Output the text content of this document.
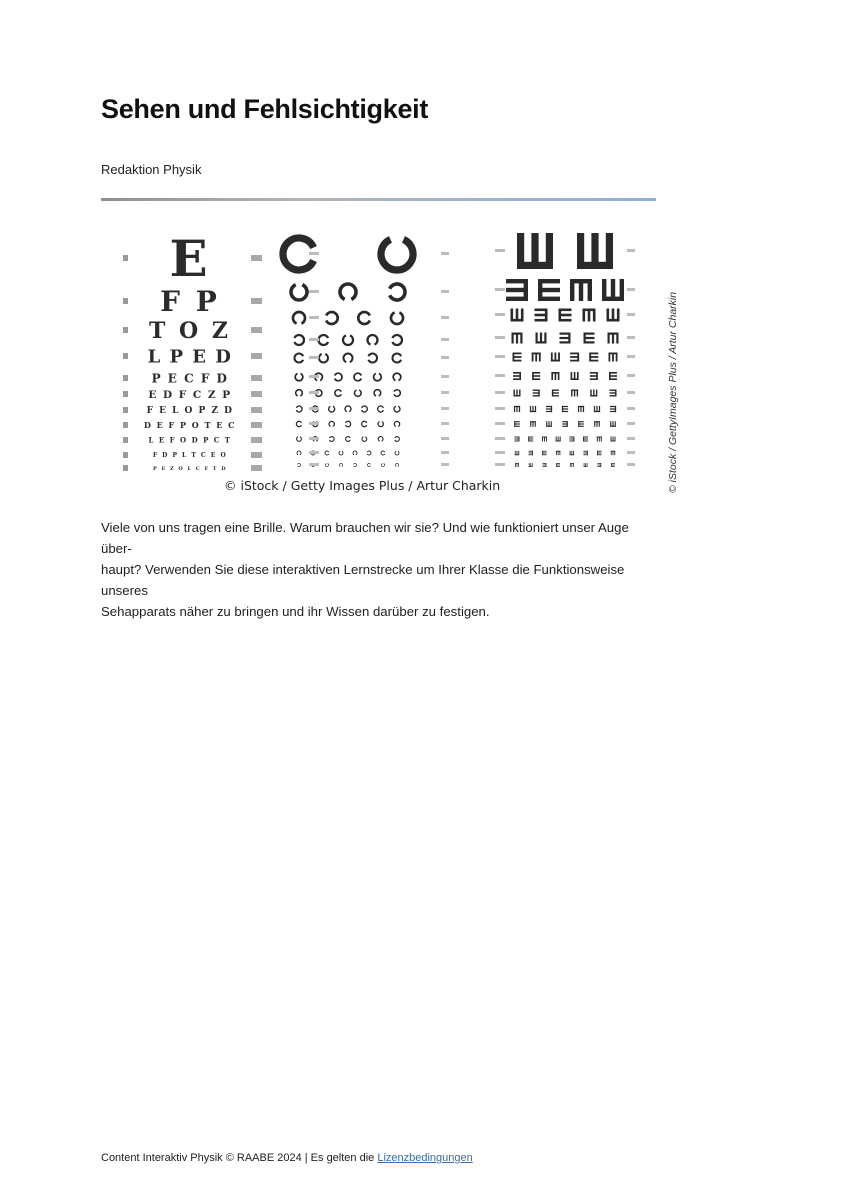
Sehen und Fehlsichtigkeit
Redaktion Physik
E
F P
T O Z
L P E D
P E C F D
E D F C Z P
F E L O P Z D
D E F P O T E C
L E F O D P C T
F D P L T C E O
P E Z O L C F T D
© iStock / Getty Images Plus / Artur Charkin	© iStock / GettyImages Plus / Artur Charkin

Viele von uns tragen eine Brille. Warum brauchen wir sie? Und wie funktioniert unser Auge über-
haupt? Verwenden Sie diese interaktiven Lernstrecke um Ihrer Klasse die Funktionsweise unseres
Sehapparats näher zu bringen und ihr Wissen darüber zu festigen.

Content Interaktiv Physik © RAABE 2024 | Es gelten die Lizenzbedingungen
